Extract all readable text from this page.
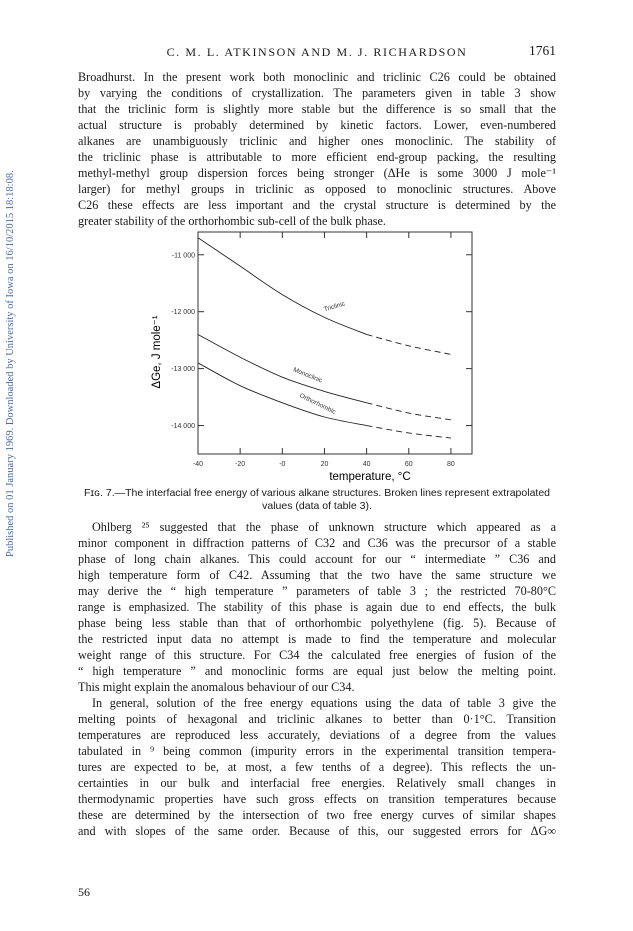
Published on 01 January 1969. Downloaded by University of Iowa on 16/10/2015 18:18:08.
C. M. L. ATKINSON AND M. J. RICHARDSON	1761
Broadhurst. In the present work both monoclinic and triclinic C26 could be obtained
by varying the conditions of crystallization. The parameters given in table 3 show
that the triclinic form is slightly more stable but the difference is so small that the
actual structure is probably determined by kinetic factors. Lower, even-numbered
alkanes are unambiguously triclinic and higher ones monoclinic. The stability of
the triclinic phase is attributable to more efficient end-group packing, the resulting
methyl-methyl group dispersion forces being stronger (ΔHe is some 3000 J mole⁻¹
larger) for methyl groups in triclinic as opposed to monoclinic structures. Above
C26 these effects are less important and the crystal structure is determined by the
greater stability of the orthorhombic sub-cell of the bulk phase.
-40	-20	-0	20	40	60	80
-11 000
-12 000
-13 000
-14 000
Triclinic
Monoclinic
Orthorhombic
temperature, °C
ΔGe, J mole⁻¹
Fɪɢ. 7.—The interfacial free energy of various alkane structures. Broken lines represent extrapolated
values (data of table 3).
Ohlberg ²⁵ suggested that the phase of unknown structure which appeared as a
minor component in diffraction patterns of C32 and C36 was the precursor of a stable
phase of long chain alkanes. This could account for our “ intermediate ” C36 and
high temperature form of C42. Assuming that the two have the same structure we
may derive the “ high temperature ” parameters of table 3 ; the restricted 70-80°C
range is emphasized. The stability of this phase is again due to end effects, the bulk
phase being less stable than that of orthorhombic polyethylene (fig. 5). Because of
the restricted input data no attempt is made to find the temperature and molecular
weight range of this structure. For C34 the calculated free energies of fusion of the
“ high temperature ” and monoclinic forms are equal just below the melting point.
This might explain the anomalous behaviour of our C34.
In general, solution of the free energy equations using the data of table 3 give the
melting points of hexagonal and triclinic alkanes to better than 0·1°C. Transition
temperatures are reproduced less accurately, deviations of a degree from the values
tabulated in ⁹ being common (impurity errors in the experimental transition tempera-
tures are expected to be, at most, a few tenths of a degree). This reflects the un-
certainties in our bulk and interfacial free energies. Relatively small changes in
thermodynamic properties have such gross effects on transition temperatures because
these are determined by the intersection of two free energy curves of similar shapes
and with slopes of the same order. Because of this, our suggested errors for ΔG∞
56
